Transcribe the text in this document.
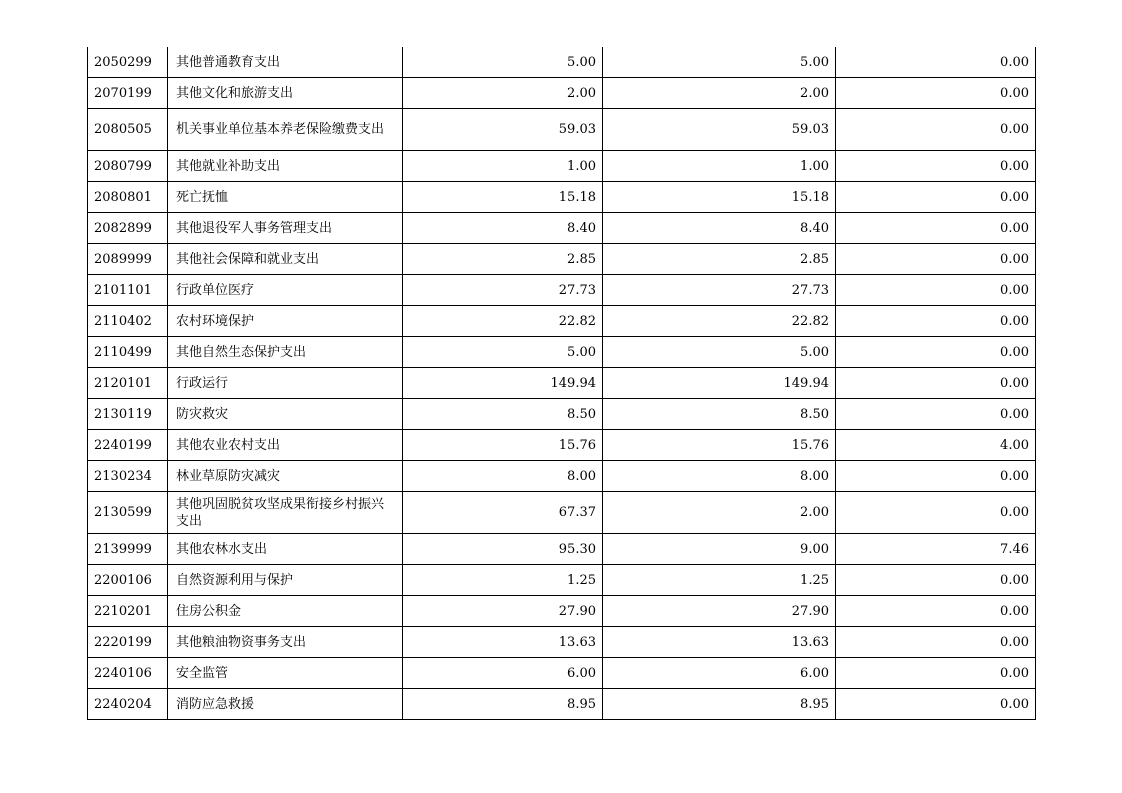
2050299	其他普通教育支出	5.00	5.00	0.00
2070199	其他文化和旅游支出	2.00	2.00	0.00
2080505	机关事业单位基本养老保险缴费支出	59.03	59.03	0.00
2080799	其他就业补助支出	1.00	1.00	0.00
2080801	死亡抚恤	15.18	15.18	0.00
2082899	其他退役军人事务管理支出	8.40	8.40	0.00
2089999	其他社会保障和就业支出	2.85	2.85	0.00
2101101	行政单位医疗	27.73	27.73	0.00
2110402	农村环境保护	22.82	22.82	0.00
2110499	其他自然生态保护支出	5.00	5.00	0.00
2120101	行政运行	149.94	149.94	0.00
2130119	防灾救灾	8.50	8.50	0.00
2240199	其他农业农村支出	15.76	15.76	4.00
2130234	林业草原防灾减灾	8.00	8.00	0.00
2130599	其他巩固脱贫攻坚成果衔接乡村振兴支出	67.37	2.00	0.00
2139999	其他农林水支出	95.30	9.00	7.46
2200106	自然资源利用与保护	1.25	1.25	0.00
2210201	住房公积金	27.90	27.90	0.00
2220199	其他粮油物资事务支出	13.63	13.63	0.00
2240106	安全监管	6.00	6.00	0.00
2240204	消防应急救援	8.95	8.95	0.00
